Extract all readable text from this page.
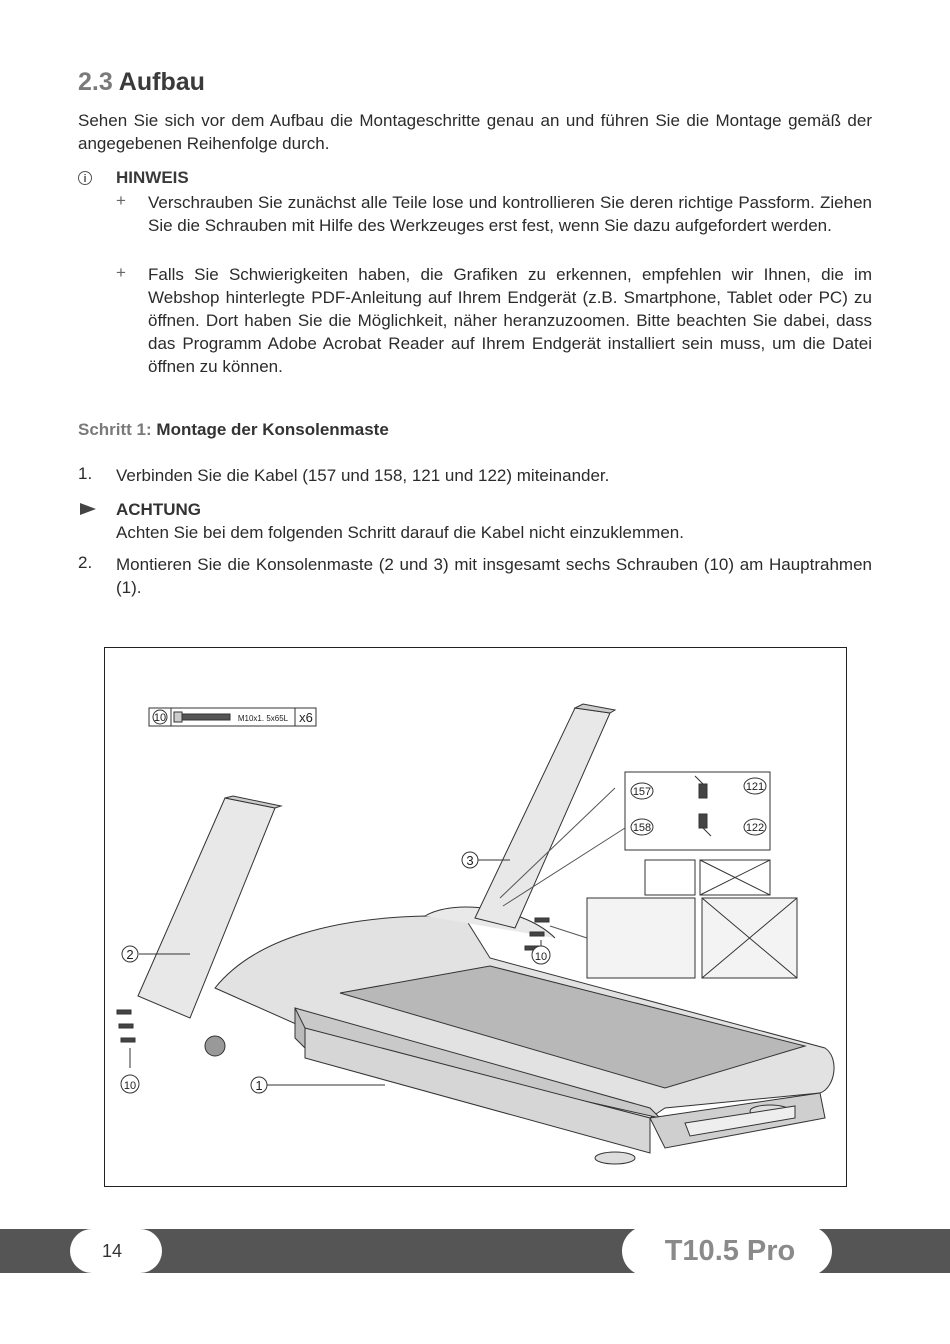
2.3 Aufbau
Sehen Sie sich vor dem Aufbau die Montageschritte genau an und führen Sie die Montage gemäß der angegebenen Reihenfolge durch.
i	HINWEIS
+ Verschrauben Sie zunächst alle Teile lose und kontrollieren Sie deren richtige Passform. Ziehen Sie die Schrauben mit Hilfe des Werkzeuges erst fest, wenn Sie dazu aufgefordert werden.
+ Falls Sie Schwierigkeiten haben, die Grafiken zu erkennen, empfehlen wir Ihnen, die im Webshop hinterlegte PDF-Anleitung auf Ihrem Endgerät (z.B. Smartphone, Tablet oder PC) zu öffnen. Dort haben Sie die Möglichkeit, näher heranzuzoomen. Bitte beachten Sie dabei, dass das Programm Adobe Acrobat Reader auf Ihrem Endgerät installiert sein muss, um die Datei öffnen zu können.
Schritt 1: Montage der Konsolenmaste
1. Verbinden Sie die Kabel (157 und 158, 121 und 122) miteinander.
ACHTUNG
Achten Sie bei dem folgenden Schritt darauf die Kabel nicht einzuklemmen.
2. Montieren Sie die Konsolenmaste (2 und 3) mit insgesamt sechs Schrauben (10) am Hauptrahmen (1).
10	M10x1. 5x65L x6
1
2
3
10
10
157
158
121
122
14	T10.5 Pro
